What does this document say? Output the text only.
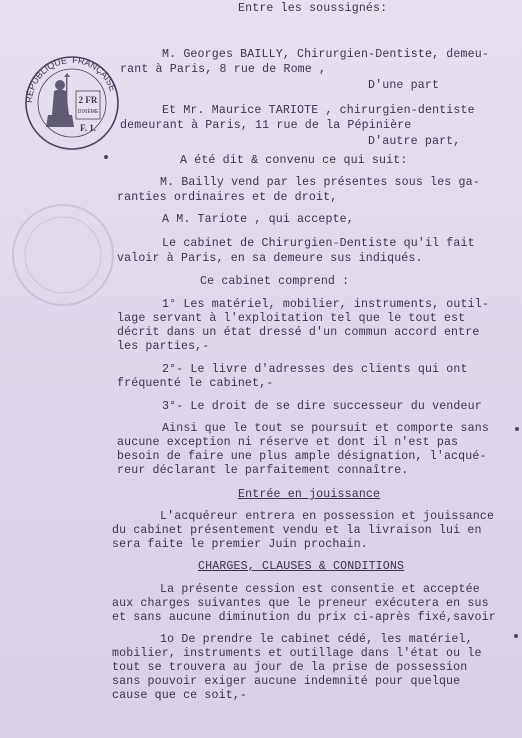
RÉPUBLIQUE FRANÇAISE
2 FR
DIXIÈME
F. 1.
Entre les soussignés:
M. Georges BAILLY, Chirurgien-Dentiste, demeu-
rant à Paris, 8 rue de Rome ,
D'une part
Et Mr. Maurice TARIOTE , chirurgien-dentiste
demeurant à Paris, 11 rue de la Pépinière
D'autre part,
A été dit & convenu ce qui suit:
M. Bailly vend par les présentes sous les ga-
ranties ordinaires et de droit,
A M. Tariote , qui accepte,
Le cabinet de Chirurgien-Dentiste qu'il fait
valoir à Paris, en sa demeure sus indiqués.
Ce cabinet comprend :
1° Les matériel, mobilier, instruments, outil-
lage servant à l'exploitation tel que le tout est
décrit dans un état dressé d'un commun accord entre
les parties,-
2°- Le livre d'adresses des clients qui ont
fréquenté le cabinet,-
3°- Le droit de se dire successeur du vendeur
Ainsi que le tout se poursuit et comporte sans
aucune exception ni réserve et dont il n'est pas
besoin de faire une plus ample désignation, l'acqué-
reur déclarant le parfaitement connaître.
Entrée en jouissance
L'acquéreur entrera en possession et jouissance
du cabinet présentement vendu et la livraison lui en
sera faite le premier Juin prochain.
CHARGES, CLAUSES & CONDITIONS
La présente cession est consentie et acceptée
aux charges suivantes que le preneur exécutera en sus
et sans aucune diminution du prix ci-après fixé,savoir
1o De prendre le cabinet cédé, les matériel,
mobilier, instruments et outillage dans l'état ou le
tout se trouvera au jour de la prise de possession
sans pouvoir exiger aucune indemnité pour quelque
cause que ce soit,-
